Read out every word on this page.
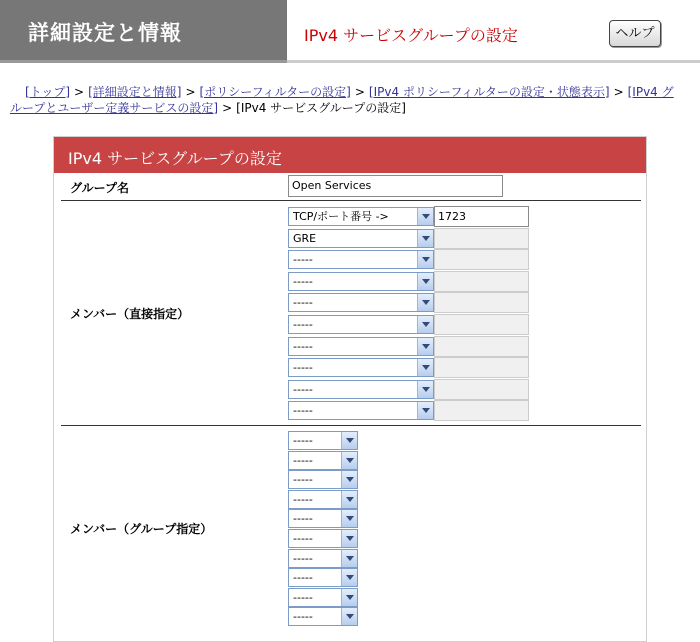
詳細設定と情報	IPv4 サービスグループの設定	ヘルプ
[トップ] > [詳細設定と情報] > [ポリシーフィルターの設定] > [IPv4 ポリシーフィルターの設定・状態表示] > [IPv4 グ
ループとユーザー定義サービスの設定] > [IPv4 サービスグループの設定]
IPv4 サービスグループの設定
グループ名	Open Services
メンバー（直接指定）
TCP/ポート番号 ->	1723
GRE
-----
-----
-----
-----
-----
-----
-----
-----
メンバー（グループ指定）
-----
-----
-----
-----
-----
-----
-----
-----
-----
-----
